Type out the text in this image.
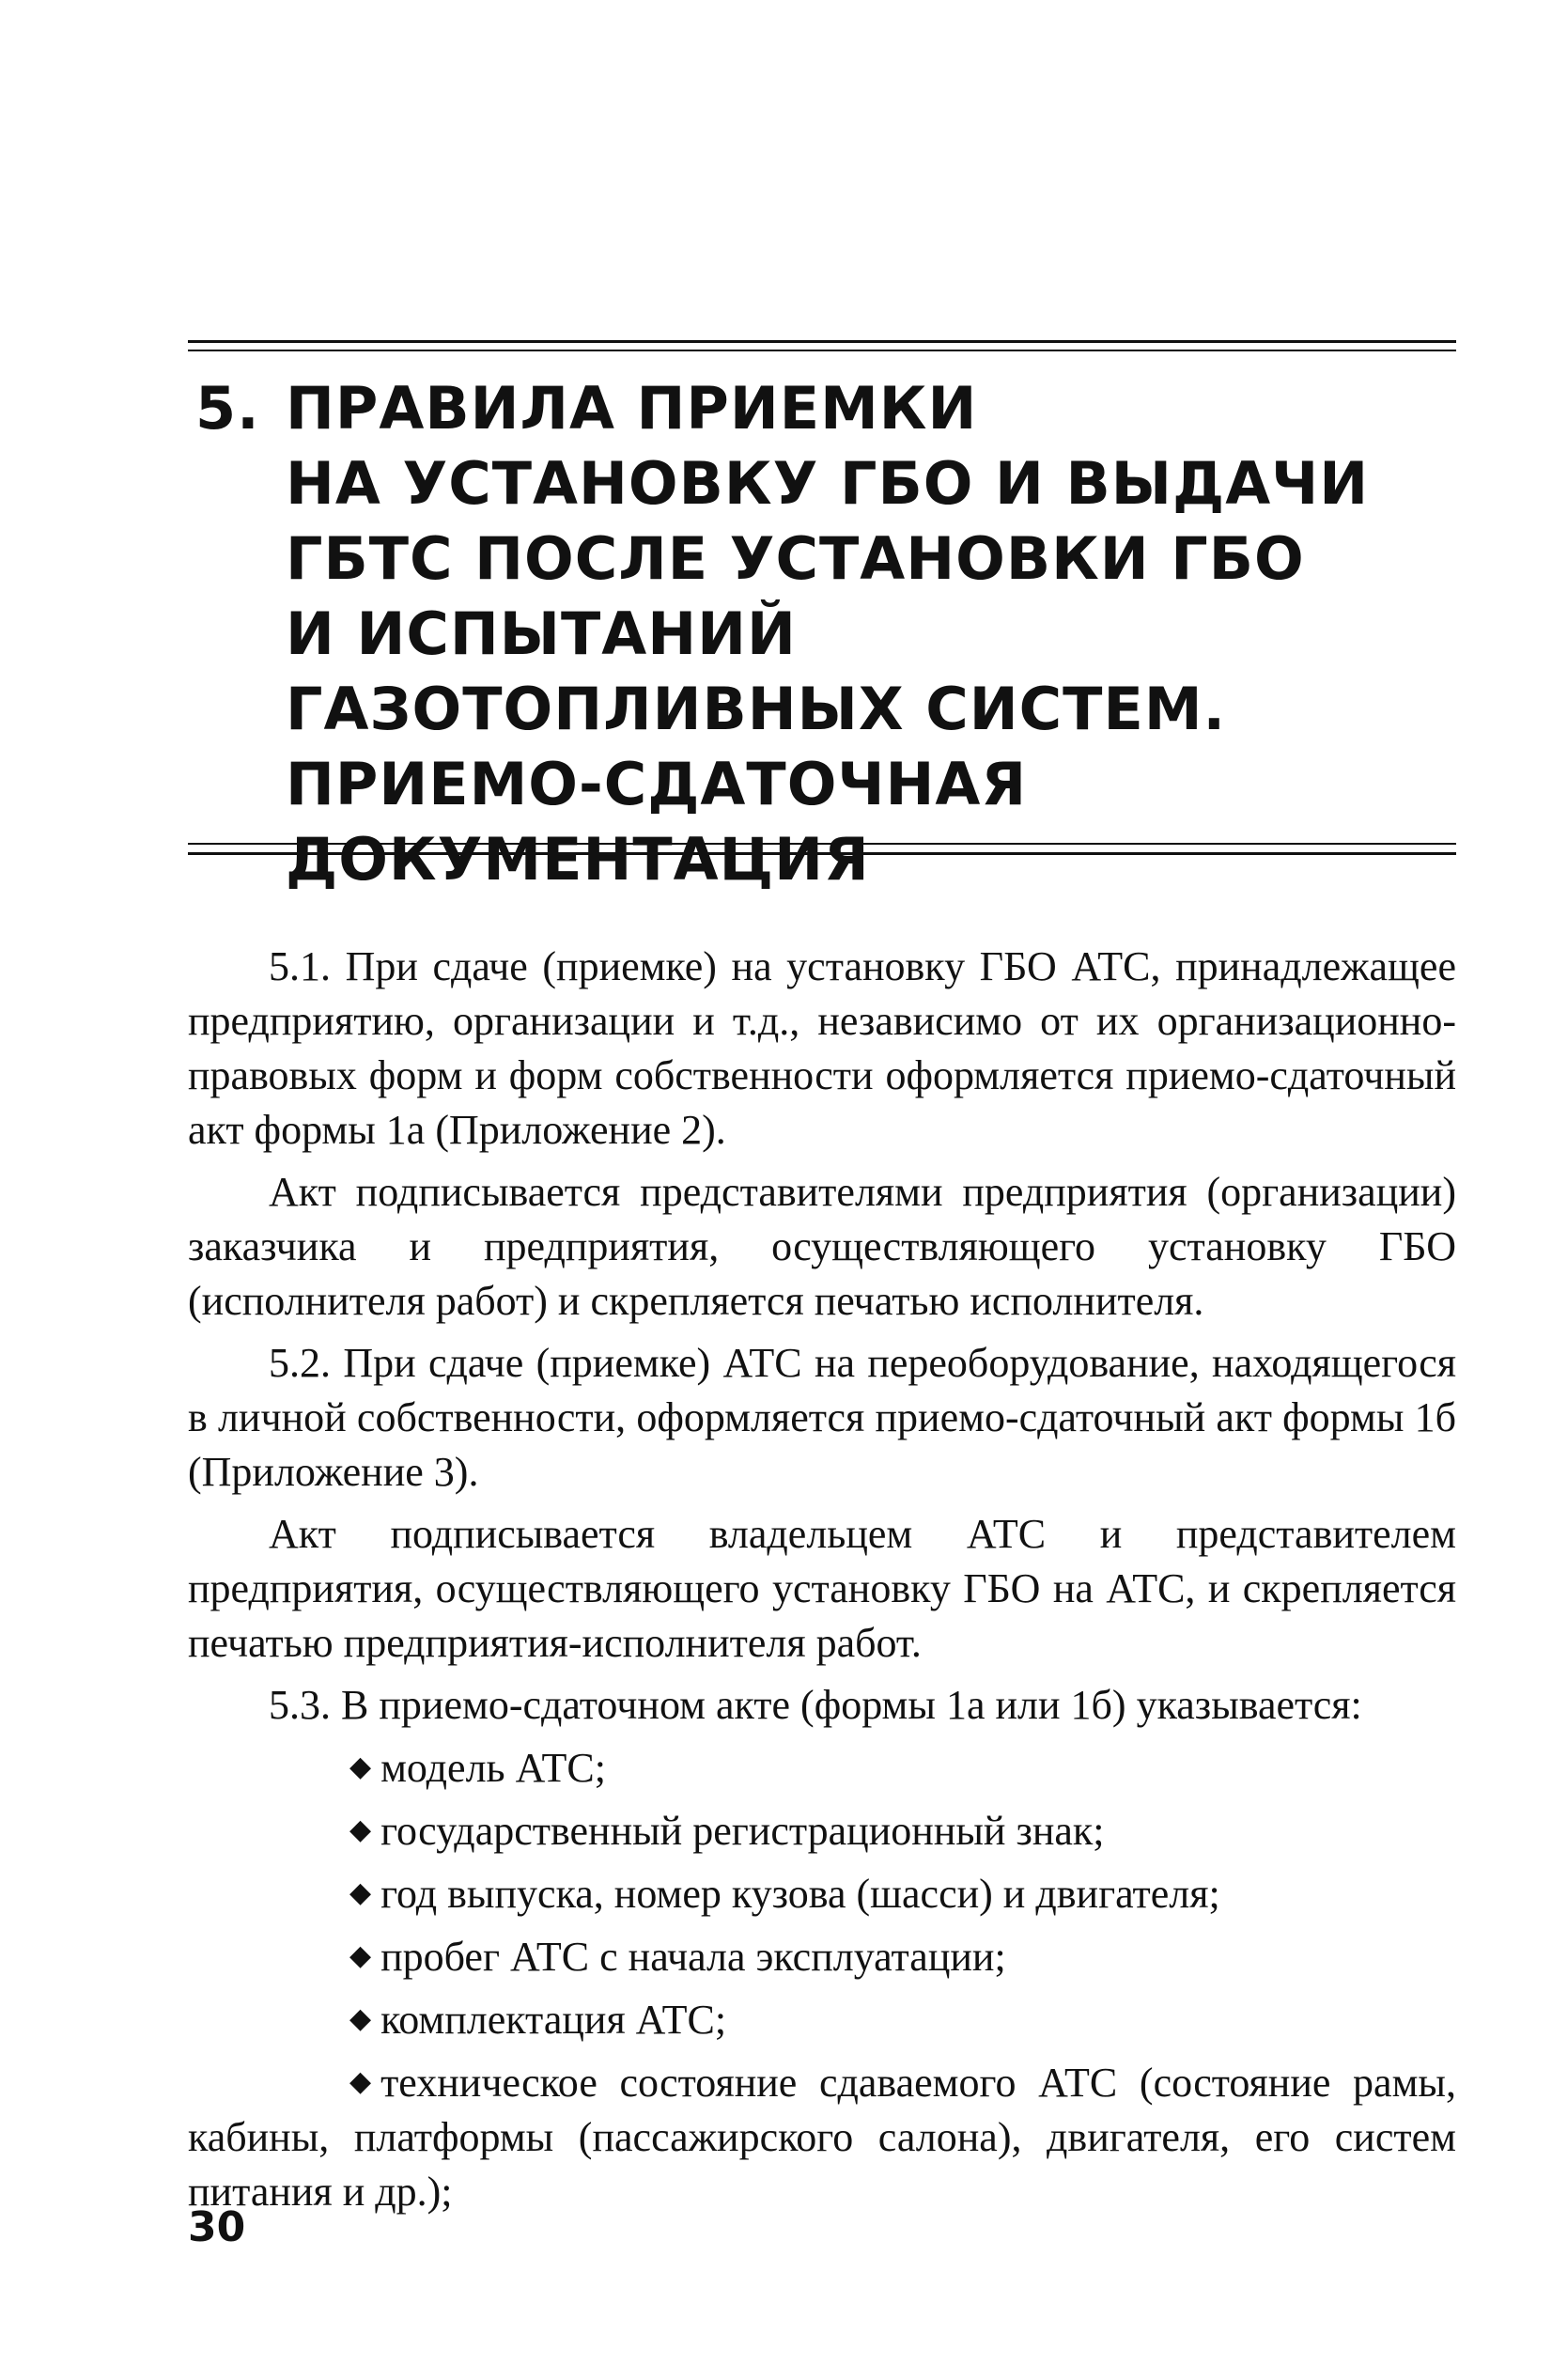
5. ПРАВИЛА ПРИЕМКИ
НА УСТАНОВКУ ГБО И ВЫДАЧИ
ГБТС ПОСЛЕ УСТАНОВКИ ГБО
И ИСПЫТАНИЙ
ГАЗОТОПЛИВНЫХ СИСТЕМ.
ПРИЕМО-СДАТОЧНАЯ
ДОКУМЕНТАЦИЯ

5.1. При сдаче (приемке) на установку ГБО АТС, принадлежащее предприятию, организации и т.д., независимо от их организационно-правовых форм и форм собственности оформляется приемо-сдаточный акт формы 1а (Приложение 2).

Акт подписывается представителями предприятия (организации) заказчика и предприятия, осуществляющего установку ГБО (исполнителя работ) и скрепляется печатью исполнителя.

5.2. При сдаче (приемке) АТС на переоборудование, находящегося в личной собственности, оформляется приемо-сдаточный акт формы 1б (Приложение 3).

Акт подписывается владельцем АТС и представителем предприятия, осуществляющего установку ГБО на АТС, и скрепляется печатью предприятия-исполнителя работ.

5.3. В приемо-сдаточном акте (формы 1а или 1б) указывается:

◆ модель АТС;

◆ государственный регистрационный знак;

◆ год выпуска, номер кузова (шасси) и двигателя;

◆ пробег АТС с начала эксплуатации;

◆ комплектация АТС;

◆ техническое состояние сдаваемого АТС (состояние рамы, кабины, платформы (пассажирского салона), двигателя, его систем питания и др.);

30
